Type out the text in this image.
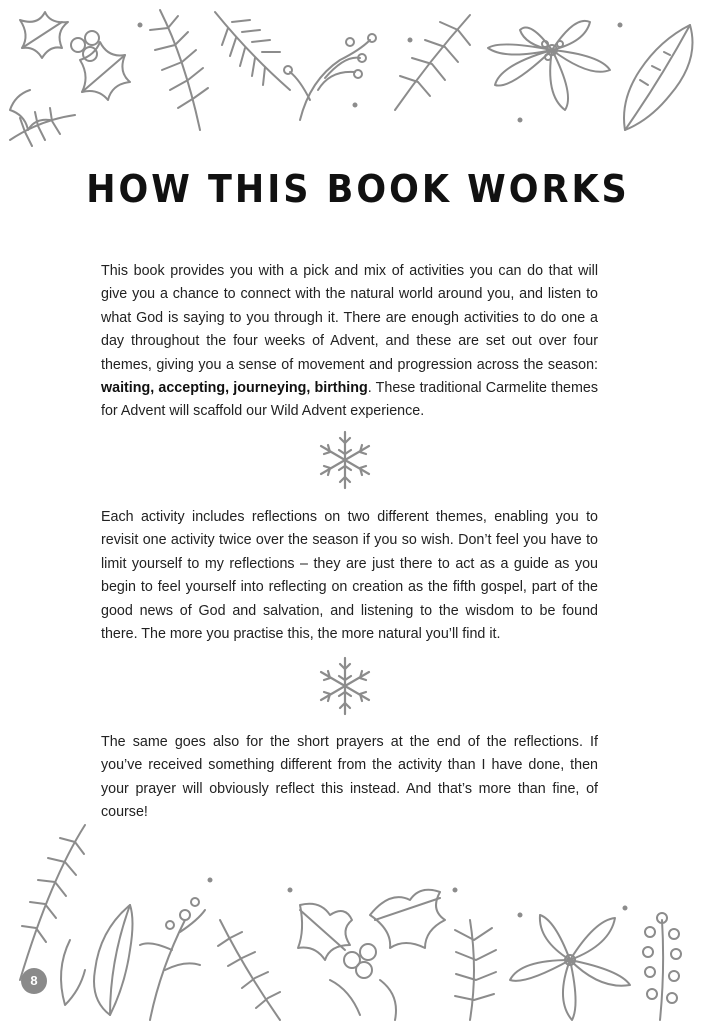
HOW THIS BOOK WORKS

This book provides you with a pick and mix of activities you can do that will give you a chance to connect with the natural world around you, and listen to what God is saying to you through it. There are enough activities to do one a day throughout the four weeks of Advent, and these are set out over four themes, giving you a sense of movement and progression across the season: waiting, accepting, journeying, birthing. These traditional Carmelite themes for Advent will scaffold our Wild Advent experience.

Each activity includes reflections on two different themes, enabling you to revisit one activity twice over the season if you so wish. Don’t feel you have to limit yourself to my reflections – they are just there to act as a guide as you begin to feel yourself into reflecting on creation as the fifth gospel, part of the good news of God and salvation, and listening to the wisdom to be found there. The more you practise this, the more natural you’ll find it.

The same goes also for the short prayers at the end of the reflections. If you’ve received something different from the activity than I have done, then your prayer will obviously reflect this instead. And that’s more than fine, of course!

8
